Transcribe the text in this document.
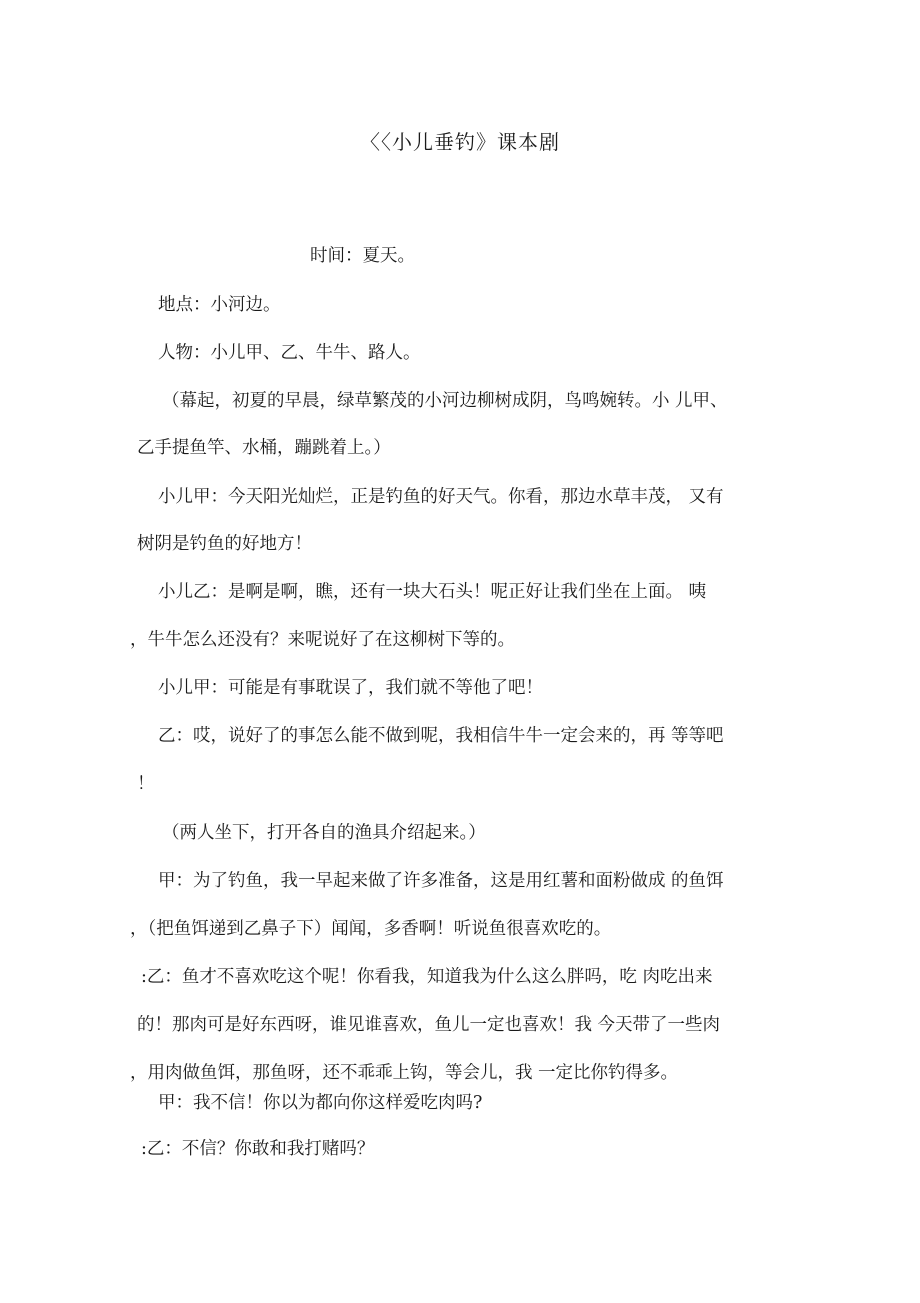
〈〈小儿垂钓》课本剧
时间：夏天。
地点：小河边。
人物：小儿甲、乙、牛牛、路人。
（幕起，初夏的早晨，绿草繁茂的小河边柳树成阴，鸟鸣婉转。小 儿甲、
乙手提鱼竿、水桶，蹦跳着上。）
小儿甲：今天阳光灿烂，正是钓鱼的好天气。你看，那边水草丰茂， 又有
树阴是钓鱼的好地方！
小儿乙：是啊是啊，瞧，还有一块大石头！呢正好让我们坐在上面。 咦
，牛牛怎么还没有？来呢说好了在这柳树下等的。
小儿甲：可能是有事耽误了，我们就不等他了吧！
乙：哎，说好了的事怎么能不做到呢，我相信牛牛一定会来的，再 等等吧
！
（两人坐下，打开各自的渔具介绍起来。）
甲：为了钓鱼，我一早起来做了许多准备，这是用红薯和面粉做成 的鱼饵
，（把鱼饵递到乙鼻子下）闻闻，多香啊！听说鱼很喜欢吃的。
:乙：鱼才不喜欢吃这个呢！你看我，知道我为什么这么胖吗，吃 肉吃出来
的！那肉可是好东西呀，谁见谁喜欢，鱼儿一定也喜欢！我 今天带了一些肉
，用肉做鱼饵，那鱼呀，还不乖乖上钩，等会儿，我 一定比你钓得多。
甲：我不信！你以为都向你这样爱吃肉吗?
:乙：不信？你敢和我打赌吗？
